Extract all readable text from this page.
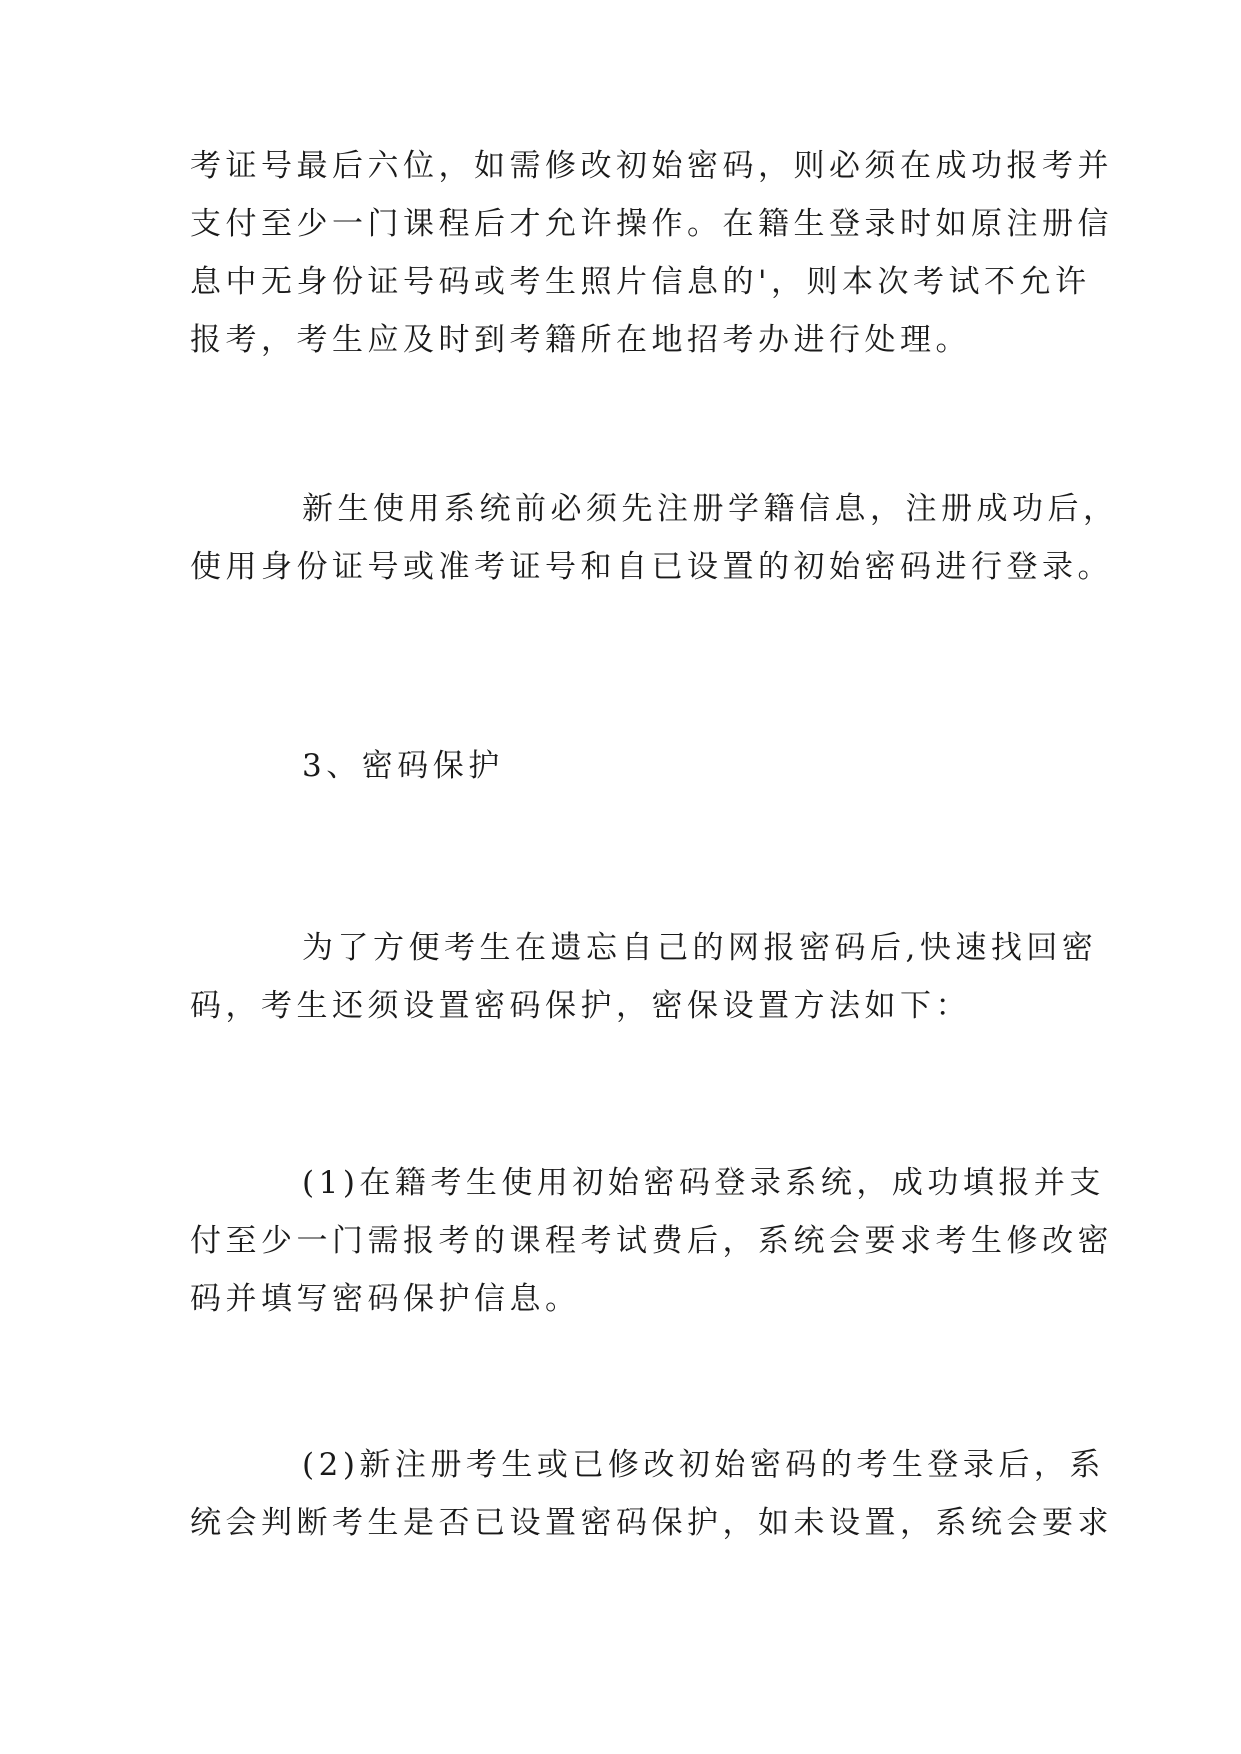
考证号最后六位，如需修改初始密码，则必须在成功报考并
支付至少一门课程后才允许操作。在籍生登录时如原注册信
息中无身份证号码或考生照片信息的'，则本次考试不允许
报考，考生应及时到考籍所在地招考办进行处理。

新生使用系统前必须先注册学籍信息，注册成功后，
使用身份证号或准考证号和自已设置的初始密码进行登录。

3、密码保护

为了方便考生在遗忘自己的网报密码后,快速找回密
码，考生还须设置密码保护，密保设置方法如下：

(1)在籍考生使用初始密码登录系统，成功填报并支
付至少一门需报考的课程考试费后，系统会要求考生修改密
码并填写密码保护信息。

(2)新注册考生或已修改初始密码的考生登录后，系
统会判断考生是否已设置密码保护，如未设置，系统会要求
